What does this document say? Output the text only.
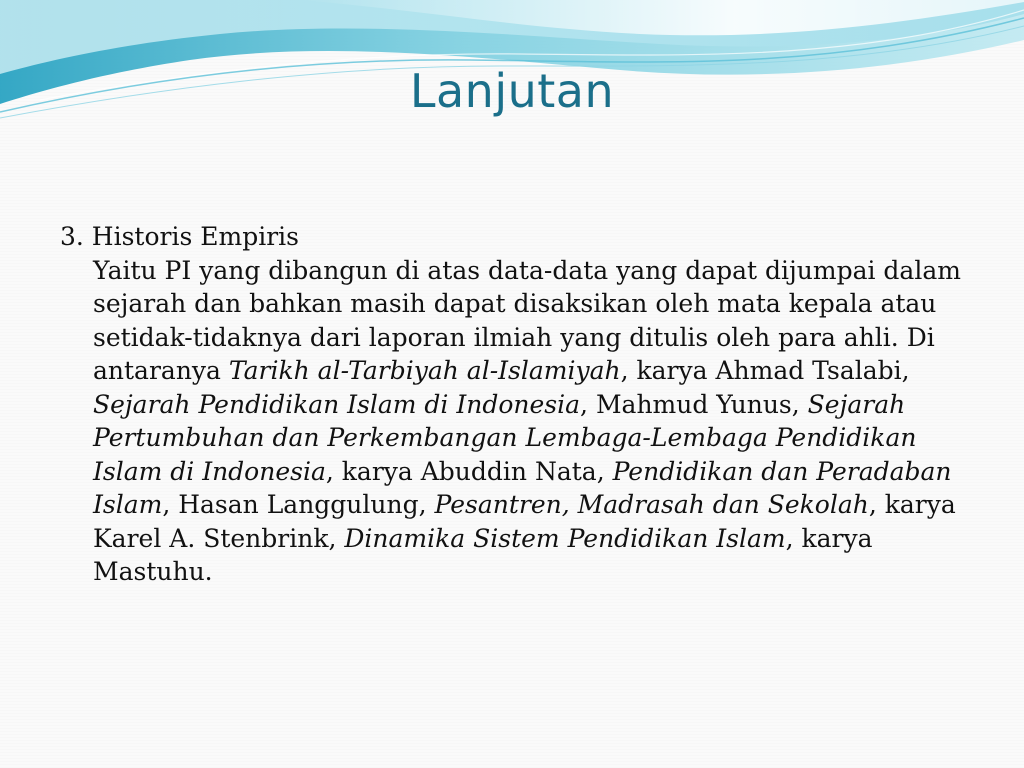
Lanjutan

3. Historis Empiris

Yaitu PI yang dibangun di atas data-data yang dapat dijumpai dalam sejarah dan bahkan masih dapat disaksikan oleh mata kepala atau setidak-tidaknya dari laporan ilmiah yang ditulis oleh para ahli. Di antaranya Tarikh al-Tarbiyah al-Islamiyah, karya Ahmad Tsalabi, Sejarah Pendidikan Islam di Indonesia, Mahmud Yunus, Sejarah Pertumbuhan dan Perkembangan Lembaga-Lembaga Pendidikan Islam di Indonesia, karya Abuddin Nata, Pendidikan dan Peradaban Islam, Hasan Langgulung, Pesantren, Madrasah dan Sekolah, karya Karel A. Stenbrink, Dinamika Sistem Pendidikan Islam, karya Mastuhu.
